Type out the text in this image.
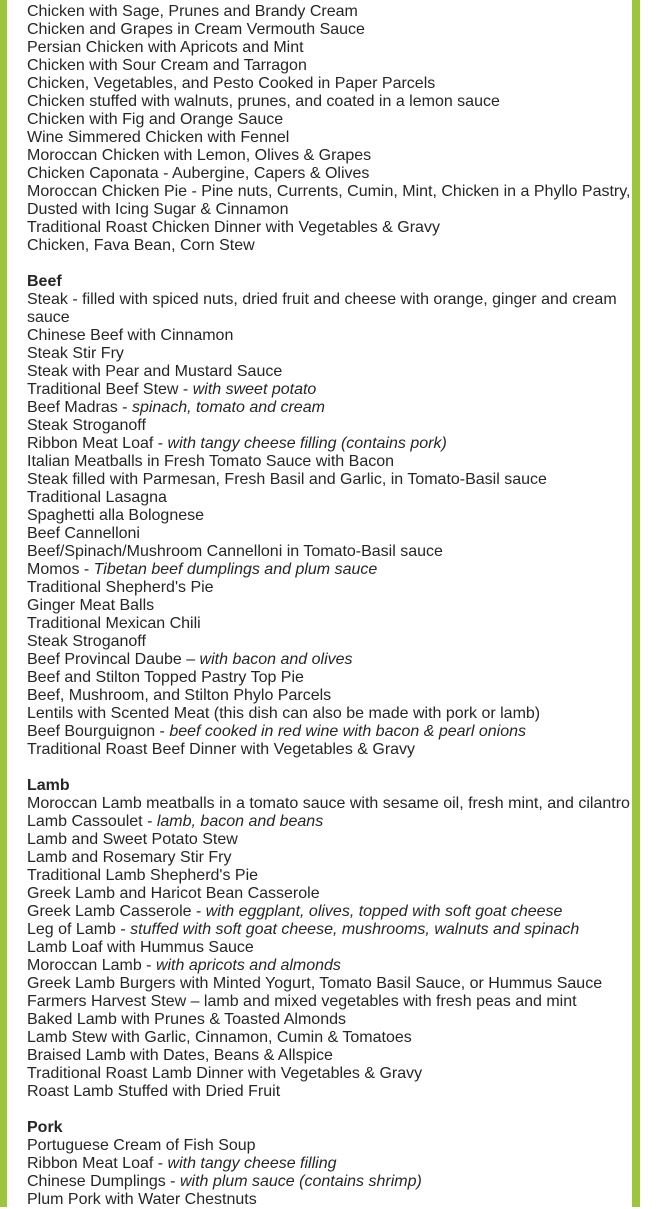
Chicken with Sage, Prunes and Brandy Cream
Chicken and Grapes in Cream Vermouth Sauce
Persian Chicken with Apricots and Mint
Chicken with Sour Cream and Tarragon
Chicken, Vegetables, and Pesto Cooked in Paper Parcels
Chicken stuffed with walnuts, prunes, and coated in a lemon sauce
Chicken with Fig and Orange Sauce
Wine Simmered Chicken with Fennel
Moroccan Chicken with Lemon, Olives & Grapes
Chicken Caponata - Aubergine, Capers & Olives
Moroccan Chicken Pie - Pine nuts, Currents, Cumin, Mint, Chicken in a Phyllo Pastry, Dusted with Icing Sugar & Cinnamon
Traditional Roast Chicken Dinner with Vegetables & Gravy
Chicken, Fava Bean, Corn Stew
Beef
Steak - filled with spiced nuts, dried fruit and cheese with orange, ginger and cream sauce
Chinese Beef with Cinnamon
Steak Stir Fry
Steak with Pear and Mustard Sauce
Traditional Beef Stew - with sweet potato
Beef Madras - spinach, tomato and cream
Steak Stroganoff
Ribbon Meat Loaf - with tangy cheese filling (contains pork)
Italian Meatballs in Fresh Tomato Sauce with Bacon
Steak filled with Parmesan, Fresh Basil and Garlic, in Tomato-Basil sauce
Traditional Lasagna
Spaghetti alla Bolognese
Beef Cannelloni
Beef/Spinach/Mushroom Cannelloni in Tomato-Basil sauce
Momos - Tibetan beef dumplings and plum sauce
Traditional Shepherd's Pie
Ginger Meat Balls
Traditional Mexican Chili
Steak Stroganoff
Beef Provincal Daube – with bacon and olives
Beef and Stilton Topped Pastry Top Pie
Beef, Mushroom, and Stilton Phylo Parcels
Lentils with Scented Meat (this dish can also be made with pork or lamb)
Beef Bourguignon - beef cooked in red wine with bacon & pearl onions
Traditional Roast Beef Dinner with Vegetables & Gravy
Lamb
Moroccan Lamb meatballs in a tomato sauce with sesame oil, fresh mint, and cilantro
Lamb Cassoulet - lamb, bacon and beans
Lamb and Sweet Potato Stew
Lamb and Rosemary Stir Fry
Traditional Lamb Shepherd's Pie
Greek Lamb and Haricot Bean Casserole
Greek Lamb Casserole - with eggplant, olives, topped with soft goat cheese
Leg of Lamb - stuffed with soft goat cheese, mushrooms, walnuts and spinach
Lamb Loaf with Hummus Sauce
Moroccan Lamb - with apricots and almonds
Greek Lamb Burgers with Minted Yogurt, Tomato Basil Sauce, or Hummus Sauce
Farmers Harvest Stew – lamb and mixed vegetables with fresh peas and mint
Baked Lamb with Prunes & Toasted Almonds
Lamb Stew with Garlic, Cinnamon, Cumin & Tomatoes
Braised Lamb with Dates, Beans & Allspice
Traditional Roast Lamb Dinner with Vegetables & Gravy
Roast Lamb Stuffed with Dried Fruit
Pork
Portuguese Cream of Fish Soup
Ribbon Meat Loaf - with tangy cheese filling
Chinese Dumplings - with plum sauce (contains shrimp)
Plum Pork with Water Chestnuts
